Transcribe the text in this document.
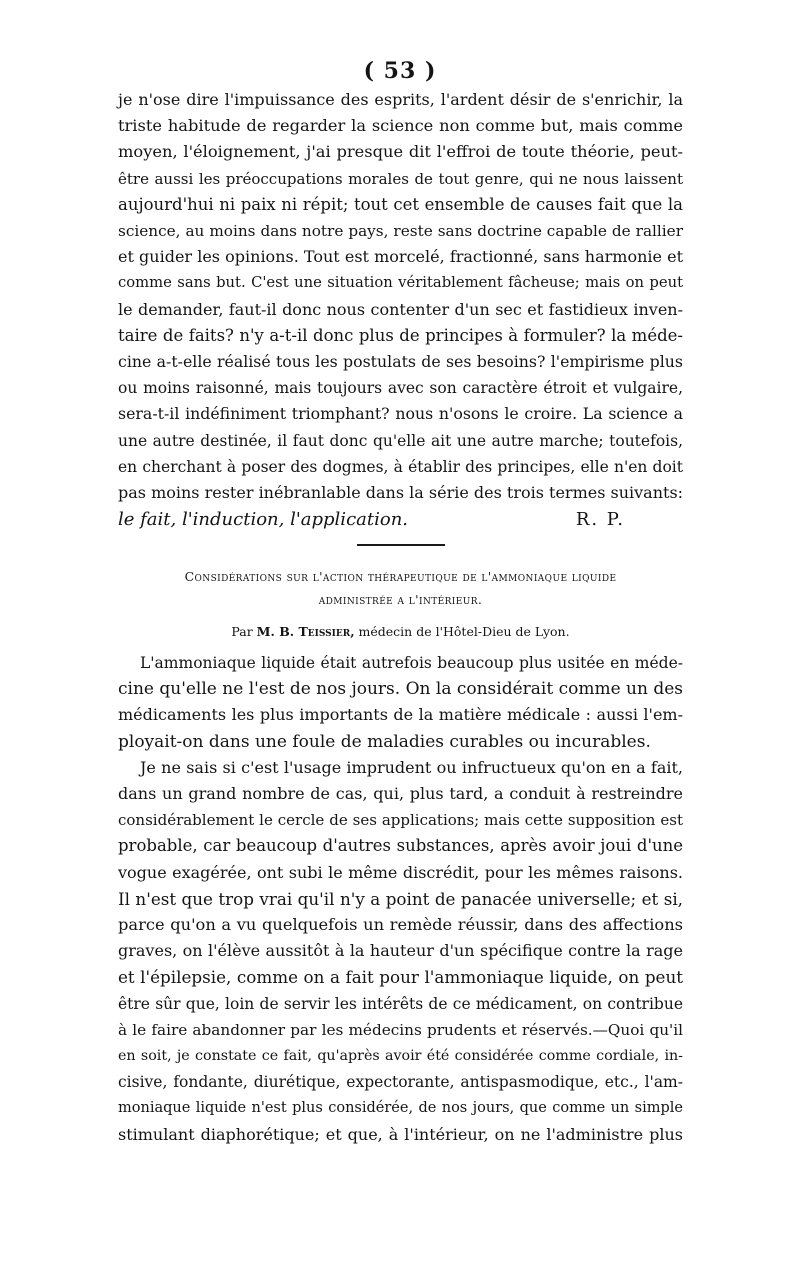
( 53 )
je n'ose dire l'impuissance des esprits, l'ardent désir de s'enrichir, la
triste habitude de regarder la science non comme but, mais comme
moyen, l'éloignement, j'ai presque dit l'effroi de toute théorie, peut-
être aussi les préoccupations morales de tout genre, qui ne nous laissent
aujourd'hui ni paix ni répit; tout cet ensemble de causes fait que la
science, au moins dans notre pays, reste sans doctrine capable de rallier
et guider les opinions. Tout est morcelé, fractionné, sans harmonie et
comme sans but. C'est une situation véritablement fâcheuse; mais on peut
le demander, faut-il donc nous contenter d'un sec et fastidieux inven-
taire de faits? n'y a-t-il donc plus de principes à formuler? la méde-
cine a-t-elle réalisé tous les postulats de ses besoins? l'empirisme plus
ou moins raisonné, mais toujours avec son caractère étroit et vulgaire,
sera-t-il indéfiniment triomphant? nous n'osons le croire. La science a
une autre destinée, il faut donc qu'elle ait une autre marche; toutefois,
en cherchant à poser des dogmes, à établir des principes, elle n'en doit
pas moins rester inébranlable dans la série des trois termes suivants:
le fait, l'induction, l'application.	R. P.
Considérations sur l'action thérapeutique de l'ammoniaque liquide
administrée a l'intérieur.
Par M. B. Teissier, médecin de l'Hôtel-Dieu de Lyon.
L'ammoniaque liquide était autrefois beaucoup plus usitée en méde-
cine qu'elle ne l'est de nos jours. On la considérait comme un des
médicaments les plus importants de la matière médicale : aussi l'em-
ployait-on dans une foule de maladies curables ou incurables.
Je ne sais si c'est l'usage imprudent ou infructueux qu'on en a fait,
dans un grand nombre de cas, qui, plus tard, a conduit à restreindre
considérablement le cercle de ses applications; mais cette supposition est
probable, car beaucoup d'autres substances, après avoir joui d'une
vogue exagérée, ont subi le même discrédit, pour les mêmes raisons.
Il n'est que trop vrai qu'il n'y a point de panacée universelle; et si,
parce qu'on a vu quelquefois un remède réussir, dans des affections
graves, on l'élève aussitôt à la hauteur d'un spécifique contre la rage
et l'épilepsie, comme on a fait pour l'ammoniaque liquide, on peut
être sûr que, loin de servir les intérêts de ce médicament, on contribue
à le faire abandonner par les médecins prudents et réservés.—Quoi qu'il
en soit, je constate ce fait, qu'après avoir été considérée comme cordiale, in-
cisive, fondante, diurétique, expectorante, antispasmodique, etc., l'am-
moniaque liquide n'est plus considérée, de nos jours, que comme un simple
stimulant diaphorétique; et que, à l'intérieur, on ne l'administre plus
